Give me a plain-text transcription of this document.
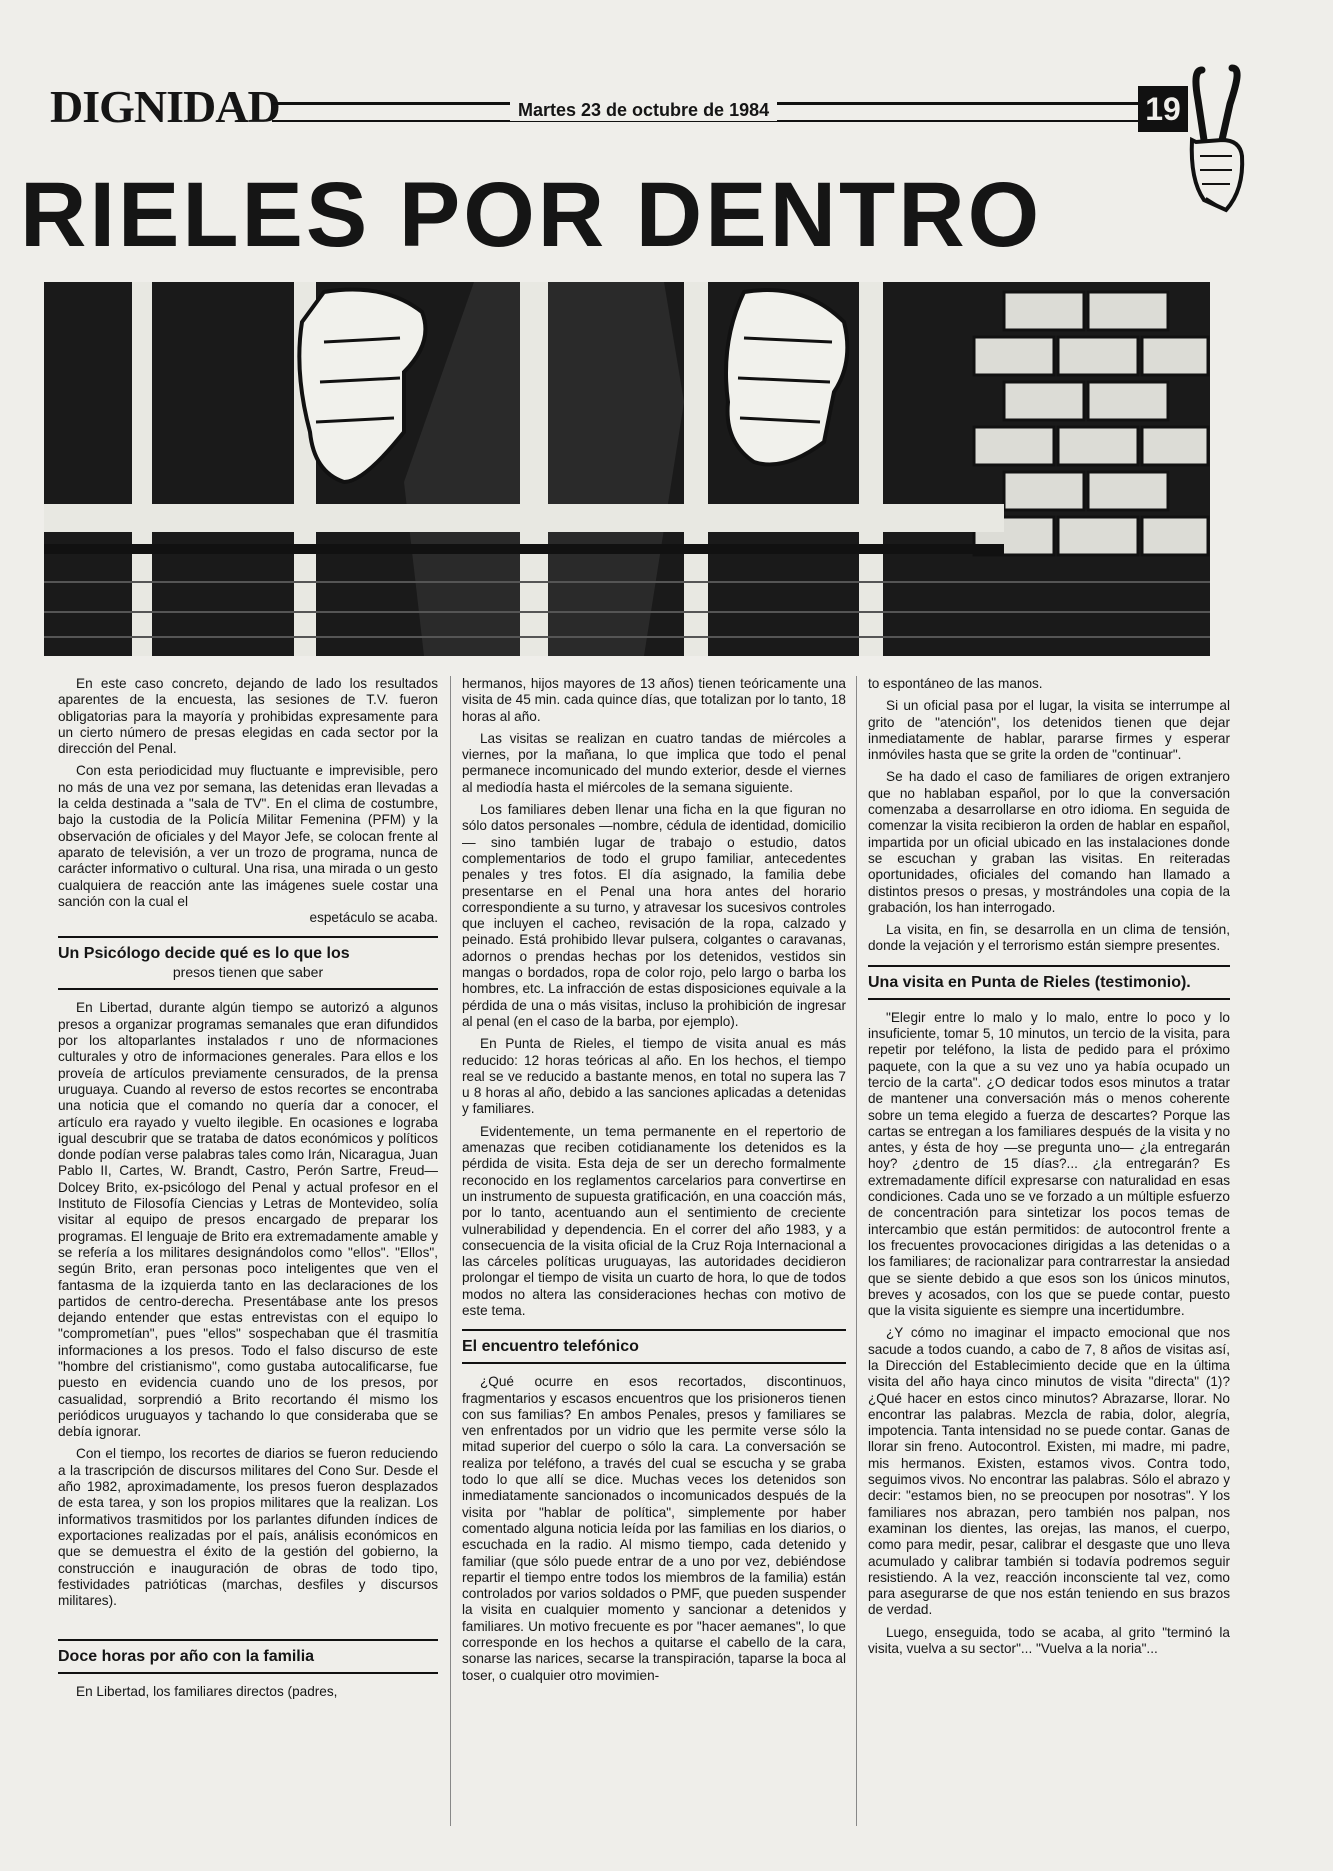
DIGNIDAD	Martes 23 de octubre de 1984	19
RIELES POR DENTRO

En este caso concreto, dejando de lado los resultados aparentes de la encuesta, las sesiones de T.V. fueron obligatorias para la mayoría y prohibidas expresamente para un cierto número de presas elegidas en cada sector por la dirección del Penal.

Con esta periodicidad muy fluctuante e imprevisible, pero no más de una vez por semana, las detenidas eran llevadas a la celda destinada a "sala de TV". En el clima de costumbre, bajo la custodia de la Policía Militar Femenina (PFM) y la observación de oficiales y del Mayor Jefe, se colocan frente al aparato de televisión, a ver un trozo de programa, nunca de carácter informativo o cultural. Una risa, una mirada o un gesto cualquiera de reacción ante las imágenes suele costar una sanción con la cual el

espetáculo se acaba.
Un Psicólogo decide qué es lo que los
presos tienen que saber

En Libertad, durante algún tiempo se autorizó a algunos presos a organizar programas semanales que eran difundidos por los altoparlantes instalados r uno de nformaciones culturales y otro de informaciones generales. Para ellos e los proveía de artículos previamente censurados, de la prensa uruguaya. Cuando al reverso de estos recortes se encontraba una noticia que el comando no quería dar a conocer, el artículo era rayado y vuelto ilegible. En ocasiones e lograba igual descubrir que se trataba de datos económicos y políticos donde podían verse palabras tales como Irán, Nicaragua, Juan Pablo II, Cartes, W. Brandt, Castro, Perón Sartre, Freud— Dolcey Brito, ex-psicólogo del Penal y actual profesor en el Instituto de Filosofía Ciencias y Letras de Montevideo, solía visitar al equipo de presos encargado de preparar los programas. El lenguaje de Brito era extremadamente amable y se refería a los militares designándolos como "ellos". "Ellos", según Brito, eran personas poco inteligentes que ven el fantasma de la izquierda tanto en las declaraciones de los partidos de centro-derecha. Presentábase ante los presos dejando entender que estas entrevistas con el equipo lo "comprometían", pues "ellos" sospechaban que él trasmitía informaciones a los presos. Todo el falso discurso de este "hombre del cristianismo", como gustaba autocalificarse, fue puesto en evidencia cuando uno de los presos, por casualidad, sorprendió a Brito recortando él mismo los periódicos uruguayos y tachando lo que consideraba que se debía ignorar.

Con el tiempo, los recortes de diarios se fueron reduciendo a la trascripción de discursos militares del Cono Sur. Desde el año 1982, aproximadamente, los presos fueron desplazados de esta tarea, y son los propios militares que la realizan. Los informativos trasmitidos por los parlantes difunden índices de exportaciones realizadas por el país, análisis económicos en que se demuestra el éxito de la gestión del gobierno, la construcción e inauguración de obras de todo tipo, festividades patrióticas (marchas, desfiles y discursos militares).

Doce horas por año con la familia

En Libertad, los familiares directos (padres,

hermanos, hijos mayores de 13 años) tienen teóricamente una visita de 45 min. cada quince días, que totalizan por lo tanto, 18 horas al año.

Las visitas se realizan en cuatro tandas de miércoles a viernes, por la mañana, lo que implica que todo el penal permanece incomunicado del mundo exterior, desde el viernes al mediodía hasta el miércoles de la semana siguiente.

Los familiares deben llenar una ficha en la que figuran no sólo datos personales —nombre, cédula de identidad, domicilio— sino también lugar de trabajo o estudio, datos complementarios de todo el grupo familiar, antecedentes penales y tres fotos. El día asignado, la familia debe presentarse en el Penal una hora antes del horario correspondiente a su turno, y atravesar los sucesivos controles que incluyen el cacheo, revisación de la ropa, calzado y peinado. Está prohibido llevar pulsera, colgantes o caravanas, adornos o prendas hechas por los detenidos, vestidos sin mangas o bordados, ropa de color rojo, pelo largo o barba los hombres, etc. La infracción de estas disposiciones equivale a la pérdida de una o más visitas, incluso la prohibición de ingresar al penal (en el caso de la barba, por ejemplo).

En Punta de Rieles, el tiempo de visita anual es más reducido: 12 horas teóricas al año. En los hechos, el tiempo real se ve reducido a bastante menos, en total no supera las 7 u 8 horas al año, debido a las sanciones aplicadas a detenidas y familiares.

Evidentemente, un tema permanente en el repertorio de amenazas que reciben cotidianamente los detenidos es la pérdida de visita. Esta deja de ser un derecho formalmente reconocido en los reglamentos carcelarios para convertirse en un instrumento de supuesta gratificación, en una coacción más, por lo tanto, acentuando aun el sentimiento de creciente vulnerabilidad y dependencia. En el correr del año 1983, y a consecuencia de la visita oficial de la Cruz Roja Internacional a las cárceles políticas uruguayas, las autoridades decidieron prolongar el tiempo de visita un cuarto de hora, lo que de todos modos no altera las consideraciones hechas con motivo de este tema.

El encuentro telefónico

¿Qué ocurre en esos recortados, discontinuos, fragmentarios y escasos encuentros que los prisioneros tienen con sus familias? En ambos Penales, presos y familiares se ven enfrentados por un vidrio que les permite verse sólo la mitad superior del cuerpo o sólo la cara. La conversación se realiza por teléfono, a través del cual se escucha y se graba todo lo que allí se dice. Muchas veces los detenidos son inmediatamente sancionados o incomunicados después de la visita por "hablar de política", simplemente por haber comentado alguna noticia leída por las familias en los diarios, o escuchada en la radio. Al mismo tiempo, cada detenido y familiar (que sólo puede entrar de a uno por vez, debiéndose repartir el tiempo entre todos los miembros de la familia) están controlados por varios soldados o PMF, que pueden suspender la visita en cualquier momento y sancionar a detenidos y familiares. Un motivo frecuente es por "hacer aemanes", lo que corresponde en los hechos a quitarse el cabello de la cara, sonarse las narices, secarse la transpiración, taparse la boca al toser, o cualquier otro movimien-

to espontáneo de las manos.

Si un oficial pasa por el lugar, la visita se interrumpe al grito de "atención", los detenidos tienen que dejar inmediatamente de hablar, pararse firmes y esperar inmóviles hasta que se grite la orden de "continuar".

Se ha dado el caso de familiares de origen extranjero que no hablaban español, por lo que la conversación comenzaba a desarrollarse en otro idioma. En seguida de comenzar la visita recibieron la orden de hablar en español, impartida por un oficial ubicado en las instalaciones donde se escuchan y graban las visitas. En reiteradas oportunidades, oficiales del comando han llamado a distintos presos o presas, y mostrándoles una copia de la grabación, los han interrogado.

La visita, en fin, se desarrolla en un clima de tensión, donde la vejación y el terrorismo están siempre presentes.

Una visita en Punta de Rieles (testimonio).

"Elegir entre lo malo y lo malo, entre lo poco y lo insuficiente, tomar 5, 10 minutos, un tercio de la visita, para repetir por teléfono, la lista de pedido para el próximo paquete, con la que a su vez uno ya había ocupado un tercio de la carta". ¿O dedicar todos esos minutos a tratar de mantener una conversación más o menos coherente sobre un tema elegido a fuerza de descartes? Porque las cartas se entregan a los familiares después de la visita y no antes, y ésta de hoy —se pregunta uno— ¿la entregarán hoy? ¿dentro de 15 días?... ¿la entregarán? Es extremadamente difícil expresarse con naturalidad en esas condiciones. Cada uno se ve forzado a un múltiple esfuerzo de concentración para sintetizar los pocos temas de intercambio que están permitidos: de autocontrol frente a los frecuentes provocaciones dirigidas a las detenidas o a los familiares; de racionalizar para contrarrestar la ansiedad que se siente debido a que esos son los únicos minutos, breves y acosados, con los que se puede contar, puesto que la visita siguiente es siempre una incertidumbre.

¿Y cómo no imaginar el impacto emocional que nos sacude a todos cuando, a cabo de 7, 8 años de visitas así, la Dirección del Establecimiento decide que en la última visita del año haya cinco minutos de visita "directa" (1)? ¿Qué hacer en estos cinco minutos? Abrazarse, llorar. No encontrar las palabras. Mezcla de rabia, dolor, alegría, impotencia. Tanta intensidad no se puede contar. Ganas de llorar sin freno. Autocontrol. Existen, mi madre, mi padre, mis hermanos. Existen, estamos vivos. Contra todo, seguimos vivos. No encontrar las palabras. Sólo el abrazo y decir: "estamos bien, no se preocupen por nosotras". Y los familiares nos abrazan, pero también nos palpan, nos examinan los dientes, las orejas, las manos, el cuerpo, como para medir, pesar, calibrar el desgaste que uno lleva acumulado y calibrar también si todavía podremos seguir resistiendo. A la vez, reacción inconsciente tal vez, como para asegurarse de que nos están teniendo en sus brazos de verdad.

Luego, enseguida, todo se acaba, al grito "terminó la visita, vuelva a su sector"... "Vuelva a la noria"...
